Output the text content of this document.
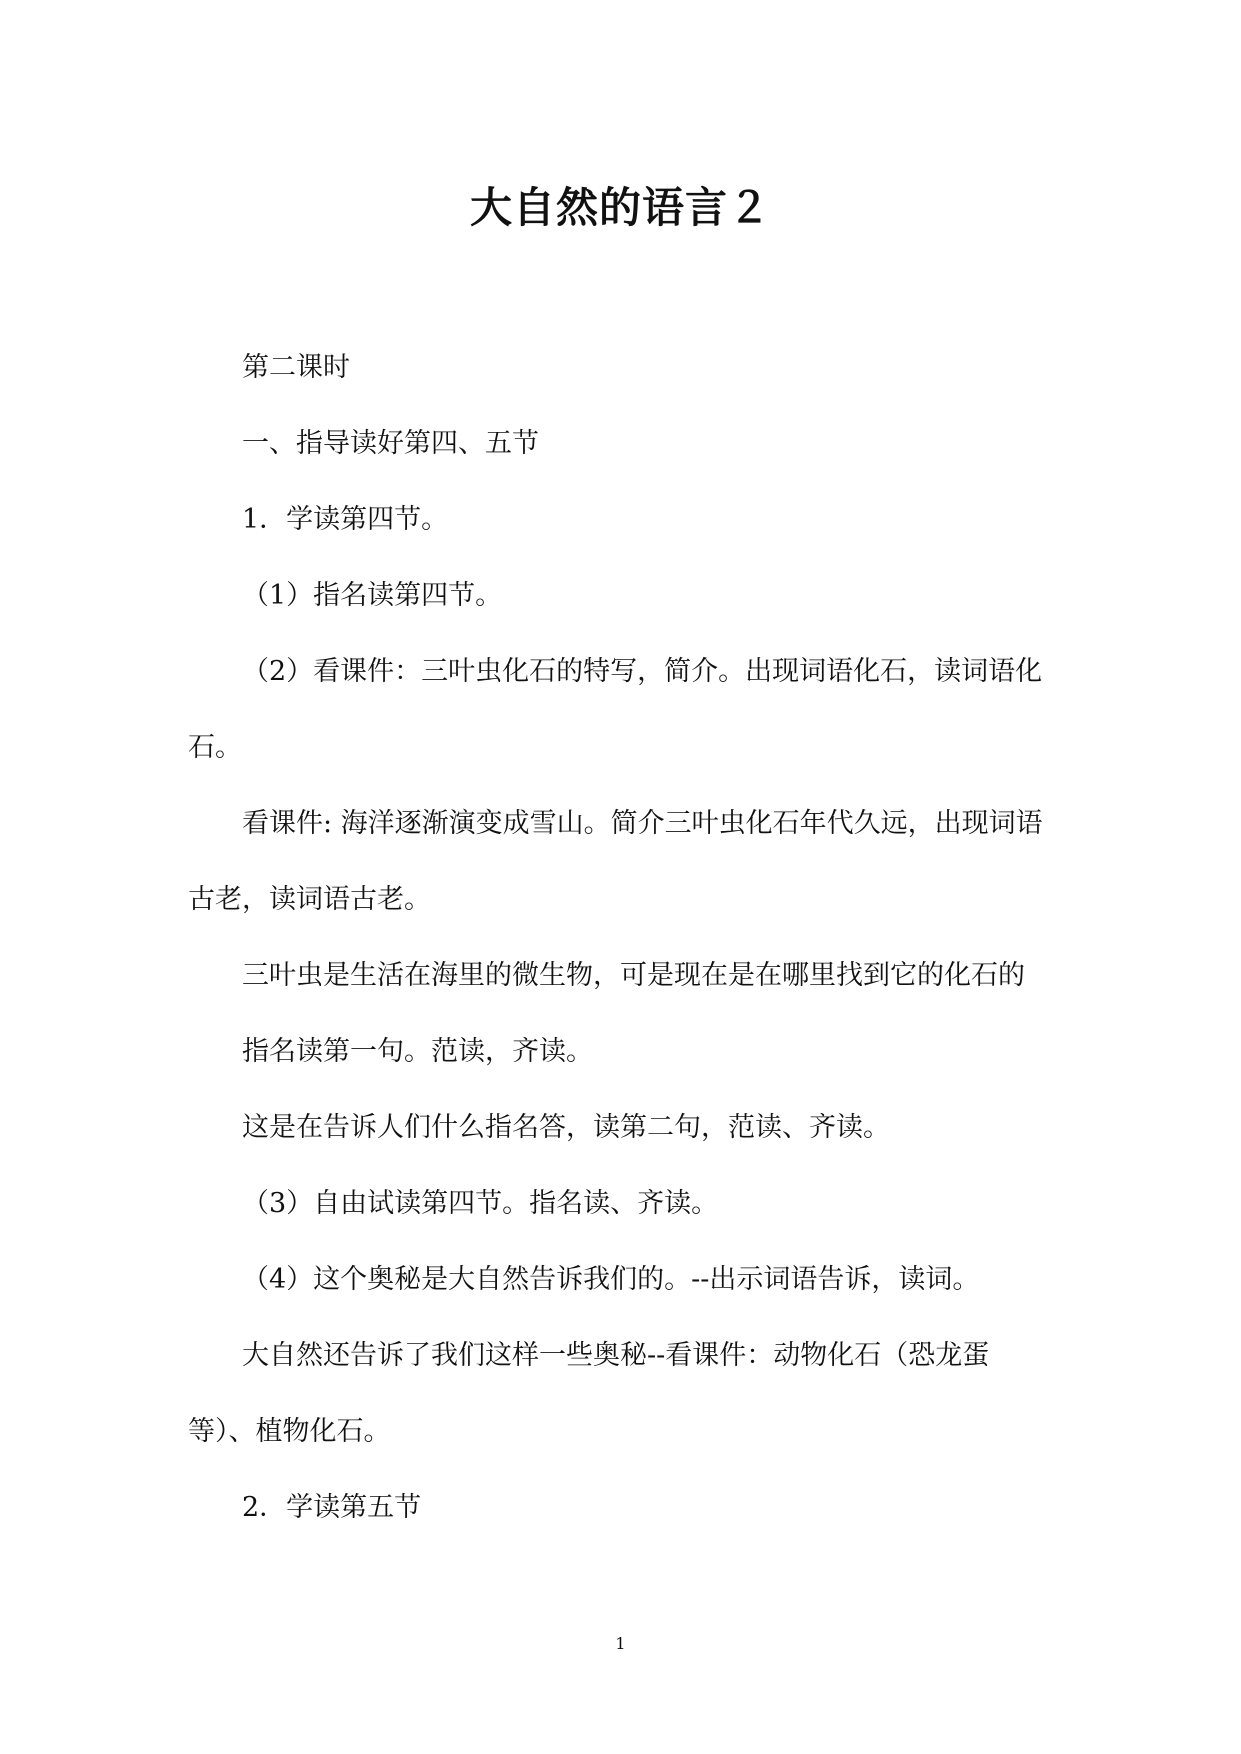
大自然的语言２

第二课时

一、指导读好第四、五节

1．学读第四节。

（1）指名读第四节。

（2）看课件：三叶虫化石的特写，简介。出现词语化石，读词语化石。

看课件: 海洋逐渐演变成雪山。简介三叶虫化石年代久远，出现词语古老，读词语古老。

三叶虫是生活在海里的微生物，可是现在是在哪里找到它的化石的

指名读第一句。范读，齐读。

这是在告诉人们什么指名答，读第二句，范读、齐读。

（3）自由试读第四节。指名读、齐读。

（4）这个奥秘是大自然告诉我们的。--出示词语告诉，读词。

大自然还告诉了我们这样一些奥秘--看课件：动物化石（恐龙蛋等）、植物化石。

2．学读第五节

1
